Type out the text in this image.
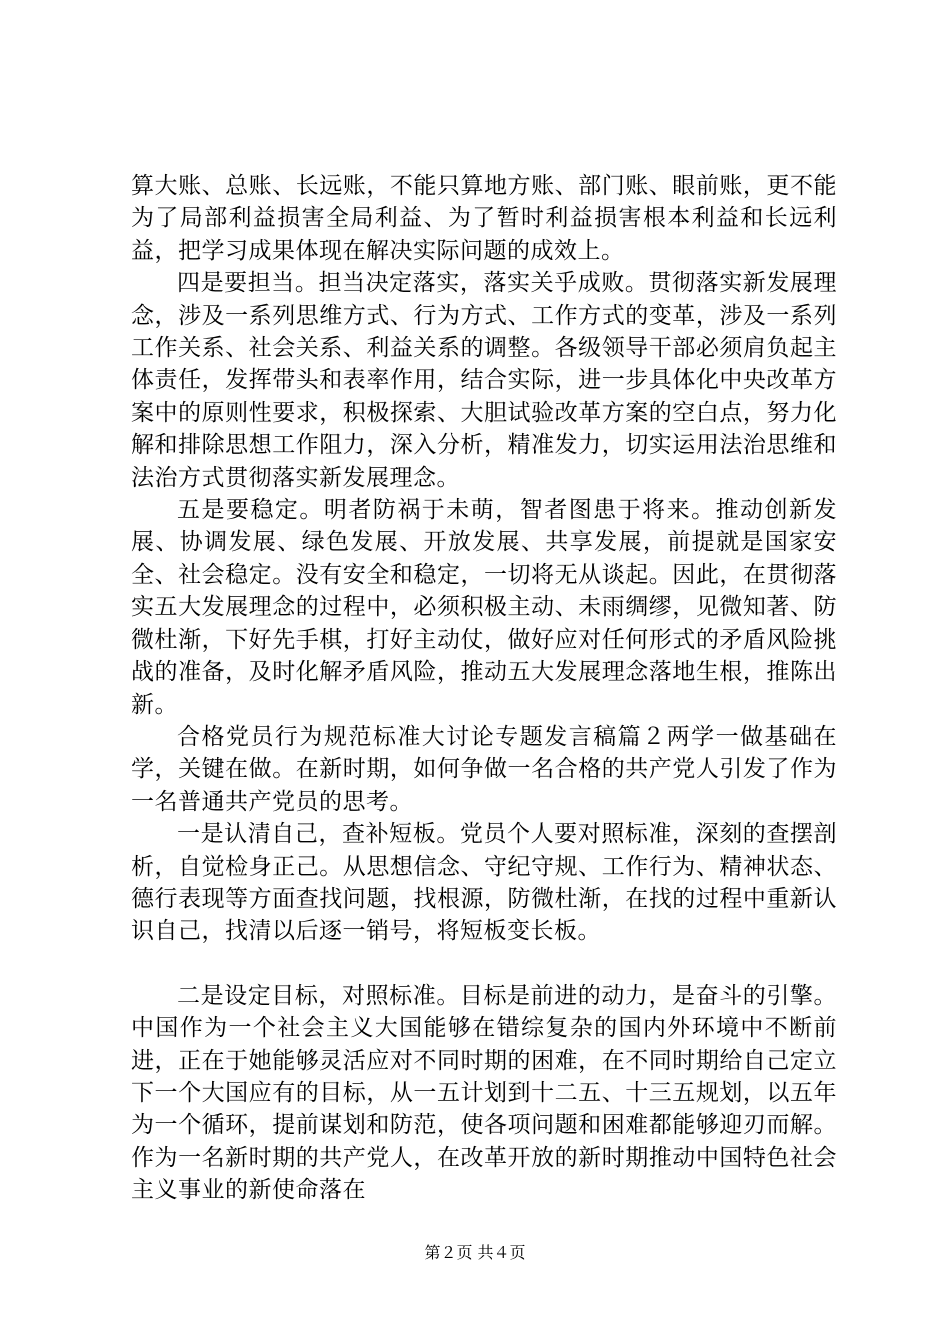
算大账、总账、长远账，不能只算地方账、部门账、眼前账，更不能为了局部利益损害全局利益、为了暂时利益损害根本利益和长远利益，把学习成果体现在解决实际问题的成效上。

四是要担当。担当决定落实，落实关乎成败。贯彻落实新发展理念，涉及一系列思维方式、行为方式、工作方式的变革，涉及一系列工作关系、社会关系、利益关系的调整。各级领导干部必须肩负起主体责任，发挥带头和表率作用，结合实际，进一步具体化中央改革方案中的原则性要求，积极探索、大胆试验改革方案的空白点，努力化解和排除思想工作阻力，深入分析，精准发力，切实运用法治思维和法治方式贯彻落实新发展理念。

五是要稳定。明者防祸于未萌，智者图患于将来。推动创新发展、协调发展、绿色发展、开放发展、共享发展，前提就是国家安全、社会稳定。没有安全和稳定，一切将无从谈起。因此，在贯彻落实五大发展理念的过程中，必须积极主动、未雨绸缪，见微知著、防微杜渐，下好先手棋，打好主动仗，做好应对任何形式的矛盾风险挑战的准备，及时化解矛盾风险，推动五大发展理念落地生根，推陈出新。

合格党员行为规范标准大讨论专题发言稿篇２两学一做基础在学，关键在做。在新时期，如何争做一名合格的共产党人引发了作为一名普通共产党员的思考。

一是认清自己，查补短板。党员个人要对照标准，深刻的查摆剖析，自觉检身正己。从思想信念、守纪守规、工作行为、精神状态、德行表现等方面查找问题，找根源，防微杜渐，在找的过程中重新认识自己，找清以后逐一销号，将短板变长板。

二是设定目标，对照标准。目标是前进的动力，是奋斗的引擎。中国作为一个社会主义大国能够在错综复杂的国内外环境中不断前进，正在于她能够灵活应对不同时期的困难，在不同时期给自己定立下一个大国应有的目标，从一五计划到十二五、十三五规划，以五年为一个循环，提前谋划和防范，使各项问题和困难都能够迎刃而解。作为一名新时期的共产党人，在改革开放的新时期推动中国特色社会主义事业的新使命落在

第２页 共４页
